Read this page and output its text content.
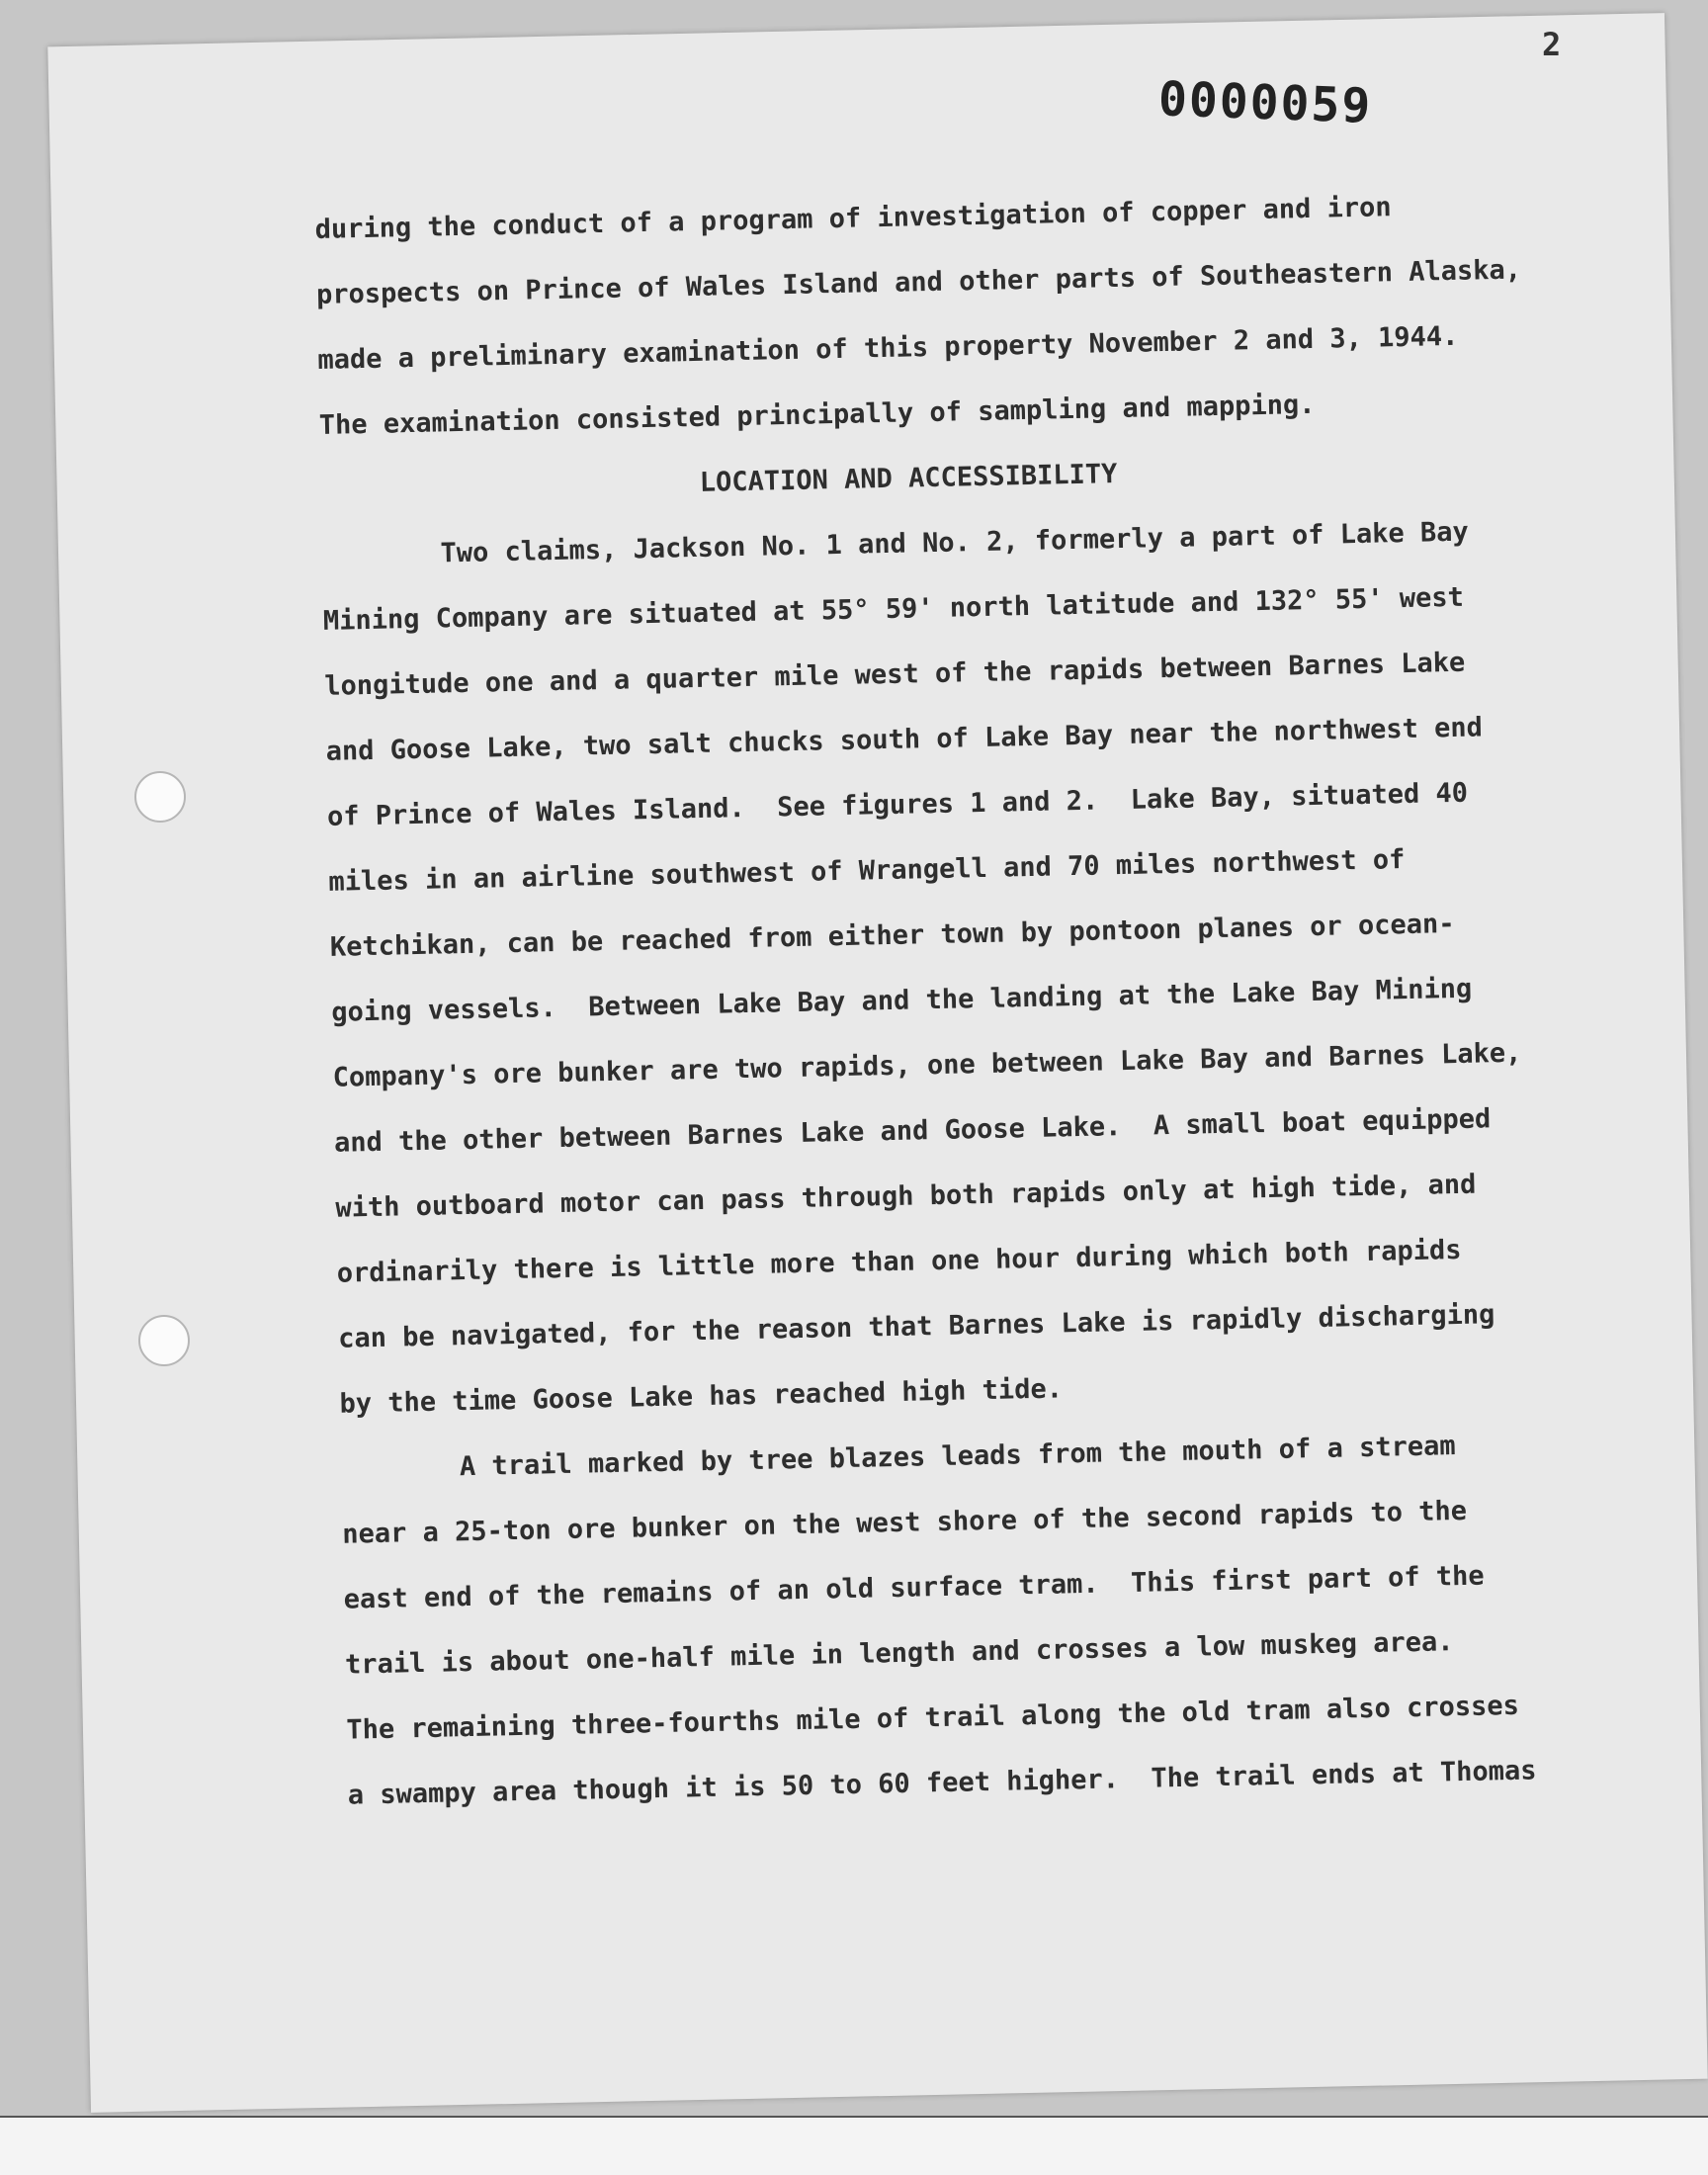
2
0000059
during the conduct of a program of investigation of copper and iron
prospects on Prince of Wales Island and other parts of Southeastern Alaska,
made a preliminary examination of this property November 2 and 3, 1944.
The examination consisted principally of sampling and mapping.
LOCATION AND ACCESSIBILITY
Two claims, Jackson No. 1 and No. 2, formerly a part of Lake Bay
Mining Company are situated at 55° 59' north latitude and 132° 55' west
longitude one and a quarter mile west of the rapids between Barnes Lake
and Goose Lake, two salt chucks south of Lake Bay near the northwest end
of Prince of Wales Island.  See figures 1 and 2.  Lake Bay, situated 40
miles in an airline southwest of Wrangell and 70 miles northwest of
Ketchikan, can be reached from either town by pontoon planes or ocean-
going vessels.  Between Lake Bay and the landing at the Lake Bay Mining
Company's ore bunker are two rapids, one between Lake Bay and Barnes Lake,
and the other between Barnes Lake and Goose Lake.  A small boat equipped
with outboard motor can pass through both rapids only at high tide, and
ordinarily there is little more than one hour during which both rapids
can be navigated, for the reason that Barnes Lake is rapidly discharging
by the time Goose Lake has reached high tide.
A trail marked by tree blazes leads from the mouth of a stream
near a 25-ton ore bunker on the west shore of the second rapids to the
east end of the remains of an old surface tram.  This first part of the
trail is about one-half mile in length and crosses a low muskeg area.
The remaining three-fourths mile of trail along the old tram also crosses
a swampy area though it is 50 to 60 feet higher.  The trail ends at Thomas
